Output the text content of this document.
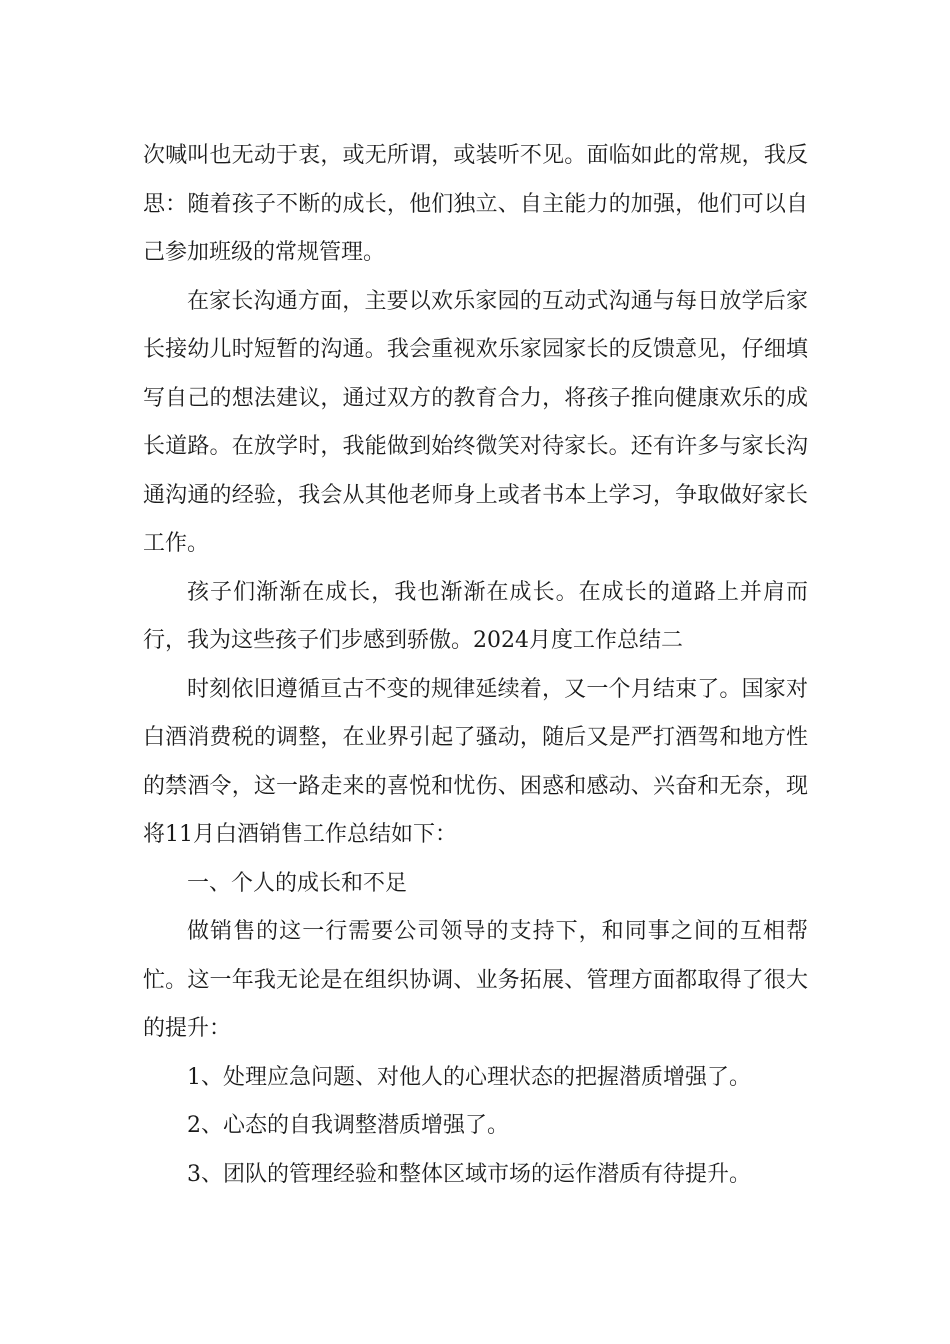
次喊叫也无动于衷，或无所谓，或装听不见。面临如此的常规，我反思：随着孩子不断的成长，他们独立、自主能力的加强，他们可以自己参加班级的常规管理。

在家长沟通方面，主要以欢乐家园的互动式沟通与每日放学后家长接幼儿时短暂的沟通。我会重视欢乐家园家长的反馈意见，仔细填写自己的想法建议，通过双方的教育合力，将孩子推向健康欢乐的成长道路。在放学时，我能做到始终微笑对待家长。还有许多与家长沟通沟通的经验，我会从其他老师身上或者书本上学习，争取做好家长工作。

孩子们渐渐在成长，我也渐渐在成长。在成长的道路上并肩而行，我为这些孩子们步感到骄傲。2024月度工作总结二

时刻依旧遵循亘古不变的规律延续着，又一个月结束了。国家对白酒消费税的调整，在业界引起了骚动，随后又是严打酒驾和地方性的禁酒令，这一路走来的喜悦和忧伤、困惑和感动、兴奋和无奈，现将11月白酒销售工作总结如下：

一、个人的成长和不足

做销售的这一行需要公司领导的支持下，和同事之间的互相帮忙。这一年我无论是在组织协调、业务拓展、管理方面都取得了很大的提升：

1、处理应急问题、对他人的心理状态的把握潜质增强了。

2、心态的自我调整潜质增强了。

3、团队的管理经验和整体区域市场的运作潜质有待提升。
